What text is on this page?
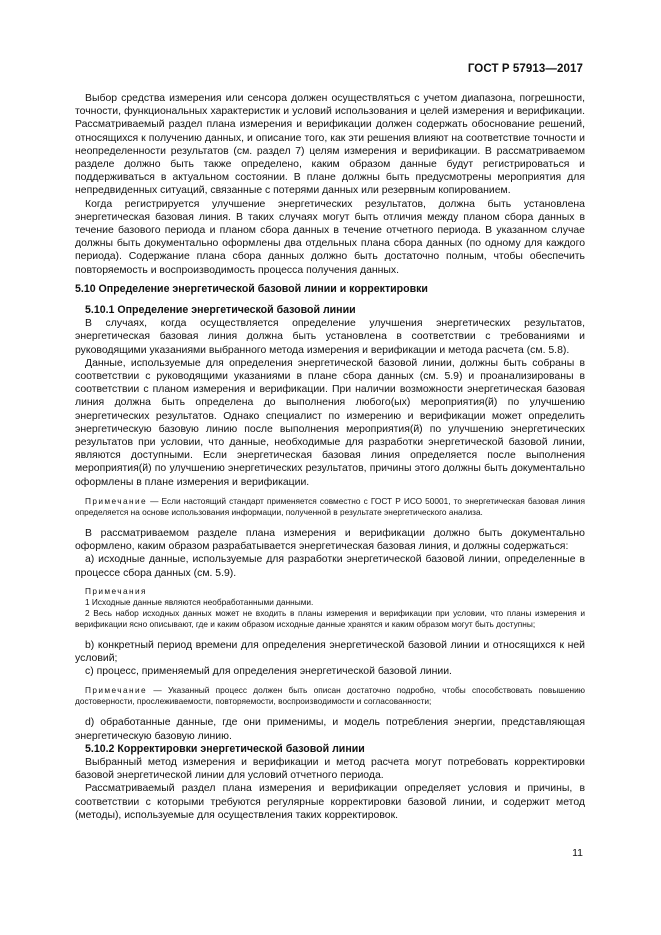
ГОСТ Р 57913—2017

Выбор средства измерения или сенсора должен осуществляться с учетом диапазона, погрешности, точности, функциональных характеристик и условий использования и целей измерения и верификации. Рассматриваемый раздел плана измерения и верификации должен содержать обоснование решений, относящихся к получению данных, и описание того, как эти решения влияют на соответствие точности и неопределенности результатов (см. раздел 7) целям измерения и верификации. В рассматриваемом разделе должно быть также определено, каким образом данные будут регистрироваться и поддерживаться в актуальном состоянии. В плане должны быть предусмотрены мероприятия для непредвиденных ситуаций, связанные с потерями данных или резервным копированием.

Когда регистрируется улучшение энергетических результатов, должна быть установлена энергетическая базовая линия. В таких случаях могут быть отличия между планом сбора данных в течение базового периода и планом сбора данных в течение отчетного периода. В указанном случае должны быть документально оформлены два отдельных плана сбора данных (по одному для каждого периода). Содержание плана сбора данных должно быть достаточно полным, чтобы обеспечить повторяемость и воспроизводимость процесса получения данных.

5.10 Определение энергетической базовой линии и корректировки

5.10.1 Определение энергетической базовой линии

В случаях, когда осуществляется определение улучшения энергетических результатов, энергетическая базовая линия должна быть установлена в соответствии с требованиями и руководящими указаниями выбранного метода измерения и верификации и метода расчета (см. 5.8).

Данные, используемые для определения энергетической базовой линии, должны быть собраны в соответствии с руководящими указаниями в плане сбора данных (см. 5.9) и проанализированы в соответствии с планом измерения и верификации. При наличии возможности энергетическая базовая линия должна быть определена до выполнения любого(ых) мероприятия(й) по улучшению энергетических результатов. Однако специалист по измерению и верификации может определить энергетическую базовую линию после выполнения мероприятия(й) по улучшению энергетических результатов при условии, что данные, необходимые для разработки энергетической базовой линии, являются доступными. Если энергетическая базовая линия определяется после выполнения мероприятия(й) по улучшению энергетических результатов, причины этого должны быть документально оформлены в плане измерения и верификации.

Примечание — Если настоящий стандарт применяется совместно с ГОСТ Р ИСО 50001, то энергетическая базовая линия определяется на основе использования информации, полученной в результате энергетического анализа.

В рассматриваемом разделе плана измерения и верификации должно быть документально оформлено, каким образом разрабатывается энергетическая базовая линия, и должны содержаться:

а) исходные данные, используемые для разработки энергетической базовой линии, определенные в процессе сбора данных (см. 5.9).

Примечания

1 Исходные данные являются необработанными данными.

2 Весь набор исходных данных может не входить в планы измерения и верификации при условии, что планы измерения и верификации ясно описывают, где и каким образом исходные данные хранятся и каким образом могут быть доступны;

b) конкретный период времени для определения энергетической базовой линии и относящихся к ней условий;

c) процесс, применяемый для определения энергетической базовой линии.

Примечание — Указанный процесс должен быть описан достаточно подробно, чтобы способствовать повышению достоверности, прослеживаемости, повторяемости, воспроизводимости и согласованности;

d) обработанные данные, где они применимы, и модель потребления энергии, представляющая энергетическую базовую линию.

5.10.2 Корректировки энергетической базовой линии

Выбранный метод измерения и верификации и метод расчета могут потребовать корректировки базовой энергетической линии для условий отчетного периода.

Рассматриваемый раздел плана измерения и верификации определяет условия и причины, в соответствии с которыми требуются регулярные корректировки базовой линии, и содержит метод (методы), используемые для осуществления таких корректировок.

11
